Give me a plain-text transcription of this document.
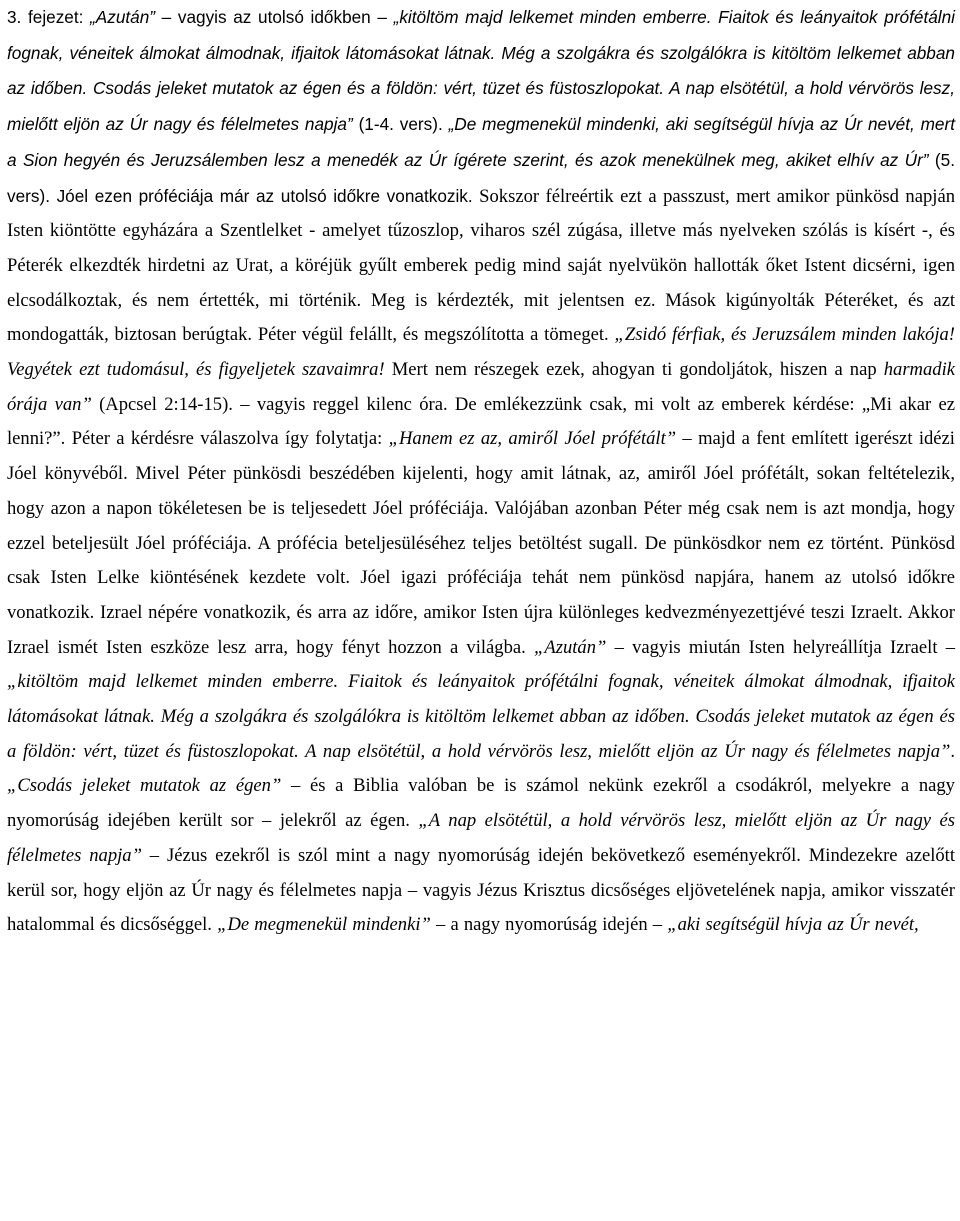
3. fejezet: „Azután” – vagyis az utolsó időkben – „kitöltöm majd lelkemet minden emberre. Fiaitok és leányaitok prófétálni fognak, véneitek álmokat álmodnak, ifjaitok látomásokat látnak. Még a szolgákra és szolgálókra is kitöltöm lelkemet abban az időben. Csodás jeleket mutatok az égen és a földön: vért, tüzet és füstoszlopokat. A nap elsötétül, a hold vérvörös lesz, mielőtt eljön az Úr nagy és félelmetes napja” (1-4. vers). „De megmenekül mindenki, aki segítségül hívja az Úr nevét, mert a Sion hegyén és Jeruzsálemben lesz a menedék az Úr ígérete szerint, és azok menekülnek meg, akiket elhív az Úr” (5. vers). Jóel ezen próféciája már az utolsó időkre vonatkozik. Sokszor félreértik ezt a passzust, mert amikor pünkösd napján Isten kiöntötte egyházára a Szentlelket - amelyet tűzoszlop, viharos szél zúgása, illetve más nyelveken szólás is kísért -, és Péterék elkezdték hirdetni az Urat, a köréjük gyűlt emberek pedig mind saját nyelvükön hallották őket Istent dicsérni, igen elcsodálkoztak, és nem értették, mi történik. Meg is kérdezték, mit jelentsen ez. Mások kigúnyolták Péteréket, és azt mondogatták, biztosan berúgtak. Péter végül felállt, és megszólította a tömeget. „Zsidó férfiak, és Jeruzsálem minden lakója! Vegyétek ezt tudomásul, és figyeljetek szavaimra! Mert nem részegek ezek, ahogyan ti gondoljátok, hiszen a nap harmadik órája van” (Apcsel 2:14-15). – vagyis reggel kilenc óra. De emlékezzünk csak, mi volt az emberek kérdése: „Mi akar ez lenni?”. Péter a kérdésre válaszolva így folytatja: „Hanem ez az, amiről Jóel prófétált” – majd a fent említett igerészt idézi Jóel könyvéből. Mivel Péter pünkösdi beszédében kijelenti, hogy amit látnak, az, amiről Jóel prófétált, sokan feltételezik, hogy azon a napon tökéletesen be is teljesedett Jóel próféciája. Valójában azonban Péter még csak nem is azt mondja, hogy ezzel beteljesült Jóel próféciája. A prófécia beteljesüléséhez teljes betöltést sugall. De pünkösdkor nem ez történt. Pünkösd csak Isten Lelke kiöntésének kezdete volt. Jóel igazi próféciája tehát nem pünkösd napjára, hanem az utolsó időkre vonatkozik. Izrael népére vonatkozik, és arra az időre, amikor Isten újra különleges kedvezményezettjévé teszi Izraelt. Akkor Izrael ismét Isten eszköze lesz arra, hogy fényt hozzon a világba. „Azután” – vagyis miután Isten helyreállítja Izraelt – „kitöltöm majd lelkemet minden emberre. Fiaitok és leányaitok prófétálni fognak, véneitek álmokat álmodnak, ifjaitok látomásokat látnak. Még a szolgákra és szolgálókra is kitöltöm lelkemet abban az időben. Csodás jeleket mutatok az égen és a földön: vért, tüzet és füstoszlopokat. A nap elsötétül, a hold vérvörös lesz, mielőtt eljön az Úr nagy és félelmetes napja”. „Csodás jeleket mutatok az égen” – és a Biblia valóban be is számol nekünk ezekről a csodákról, melyekre a nagy nyomorúság idejében került sor – jelekről az égen. „A nap elsötétül, a hold vérvörös lesz, mielőtt eljön az Úr nagy és félelmetes napja” – Jézus ezekről is szól mint a nagy nyomorúság idején bekövetkező eseményekről. Mindezekre azelőtt kerül sor, hogy eljön az Úr nagy és félelmetes napja – vagyis Jézus Krisztus dicsőséges eljövetelének napja, amikor visszatér hatalommal és dicsőséggel. „De megmenekül mindenki” – a nagy nyomorúság idején – „aki segítségül hívja az Úr nevét,
